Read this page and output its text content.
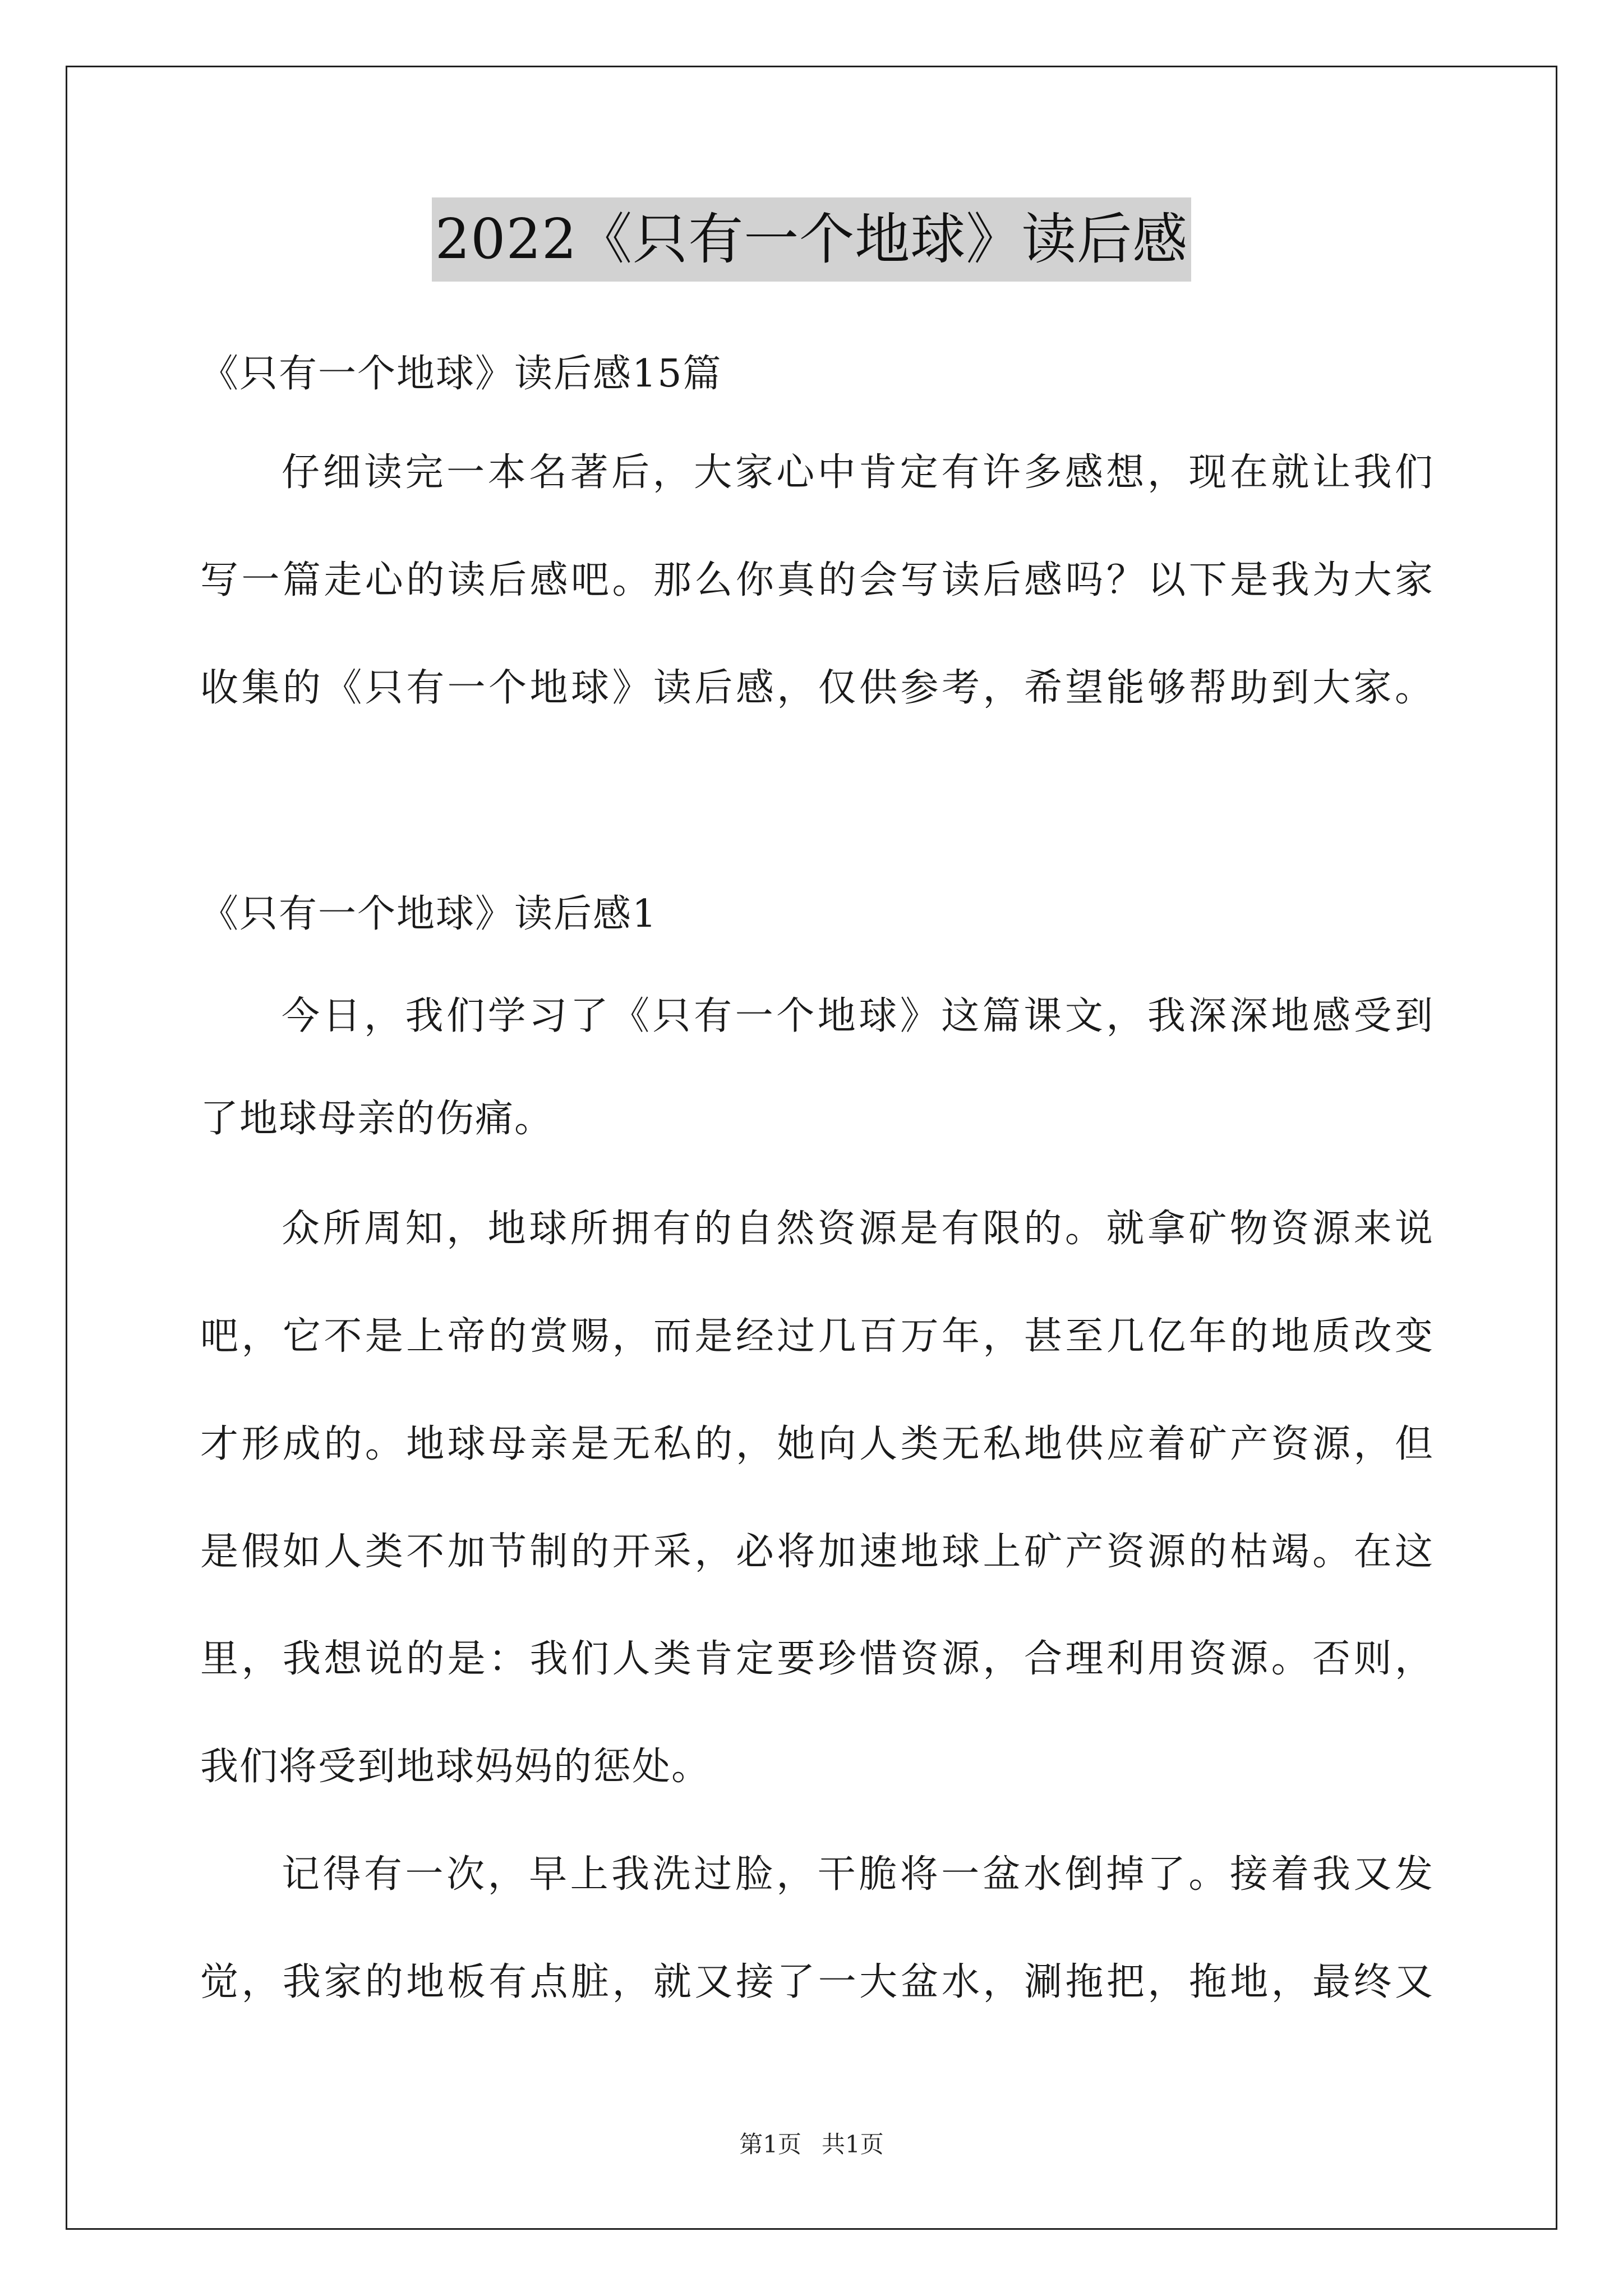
2022《只有一个地球》读后感
《只有一个地球》读后感15篇
仔细读完一本名著后，大家心中肯定有许多感想，现在就让我们
写一篇走心的读后感吧。那么你真的会写读后感吗？以下是我为大家
收集的《只有一个地球》读后感，仅供参考，希望能够帮助到大家。
《只有一个地球》读后感1
今日，我们学习了《只有一个地球》这篇课文，我深深地感受到
了地球母亲的伤痛。
众所周知，地球所拥有的自然资源是有限的。就拿矿物资源来说
吧，它不是上帝的赏赐，而是经过几百万年，甚至几亿年的地质改变
才形成的。地球母亲是无私的，她向人类无私地供应着矿产资源，但
是假如人类不加节制的开采，必将加速地球上矿产资源的枯竭。在这
里，我想说的是：我们人类肯定要珍惜资源，合理利用资源。否则，
我们将受到地球妈妈的惩处。
记得有一次，早上我洗过脸，干脆将一盆水倒掉了。接着我又发
觉，我家的地板有点脏，就又接了一大盆水，涮拖把，拖地，最终又
第1页 共1页
